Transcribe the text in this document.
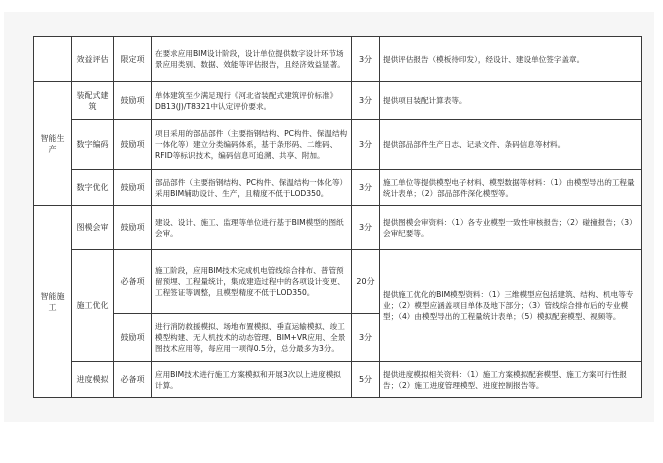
	效益评估	限定项	在要求应用BIM设计阶段，设计单位提供数字设计环节场景应用类别、数据、效能等评估报告，且经济效益显著。	3分	提供评估报告（模板待印发），经设计、建设单位签字盖章。
智能生产	装配式建筑	鼓励项	单体建筑至少满足现行《河北省装配式建筑评价标准》DB13(J)/T8321中认定评价要求。	3分	提供项目装配计算表等。
	数字编码	鼓励项	项目采用的部品部件（主要指钢结构、PC构件、保温结构一体化等）建立分类编码体系，基于条形码、二维码、RFID等标识技术，编码信息可追溯、共享、附加。	3分	提供部品部件生产日志、记录文件、条码信息等材料。
	数字优化	鼓励项	部品部件（主要指钢结构、PC构件、保温结构一体化等）采用BIM辅助设计、生产，且精度不低于LOD350。	3分	施工单位等提供模型电子材料、模型数据等材料：（1）由模型导出的工程量统计表单；（2）部品部件深化模型等。
智能施工	图模会审	鼓励项	建设、设计、施工、监理等单位进行基于BIM模型的图纸会审。	3分	提供图模会审资料：（1）各专业模型一致性审核报告；（2）碰撞报告；（3）会审纪要等。
	施工优化	必备项	施工阶段，应用BIM技术完成机电管线综合排布、普管预留预埋、工程量统计，集成建造过程中的各项设计变更、工程签证等调整，且模型精度不低于LOD350。	20分	提供施工优化的BIM模型资料：（1）三维模型应包括建筑、结构、机电等专业；（2）模型应涵盖项目单体及地下部分；（3）管线综合排布后的专业模型；（4）由模型导出的工程量统计表单；（5）模拟配套模型、视频等。
		鼓励项	进行消防救援模拟、场地布置模拟、垂直运输模拟、竣工模型构建、无人机技术的动态管理、BIM+VR应用、全景图技术应用等，每应用一项得0.5分，总分最多为3分。	3分	
	进度模拟	必备项	应用BIM技术进行施工方案模拟和开展3次以上进度模拟计算。	5分	提供进度模拟相关资料：（1）施工方案模拟配套模型、施工方案可行性报告；（2）施工进度管理模型、进度控制报告等。
